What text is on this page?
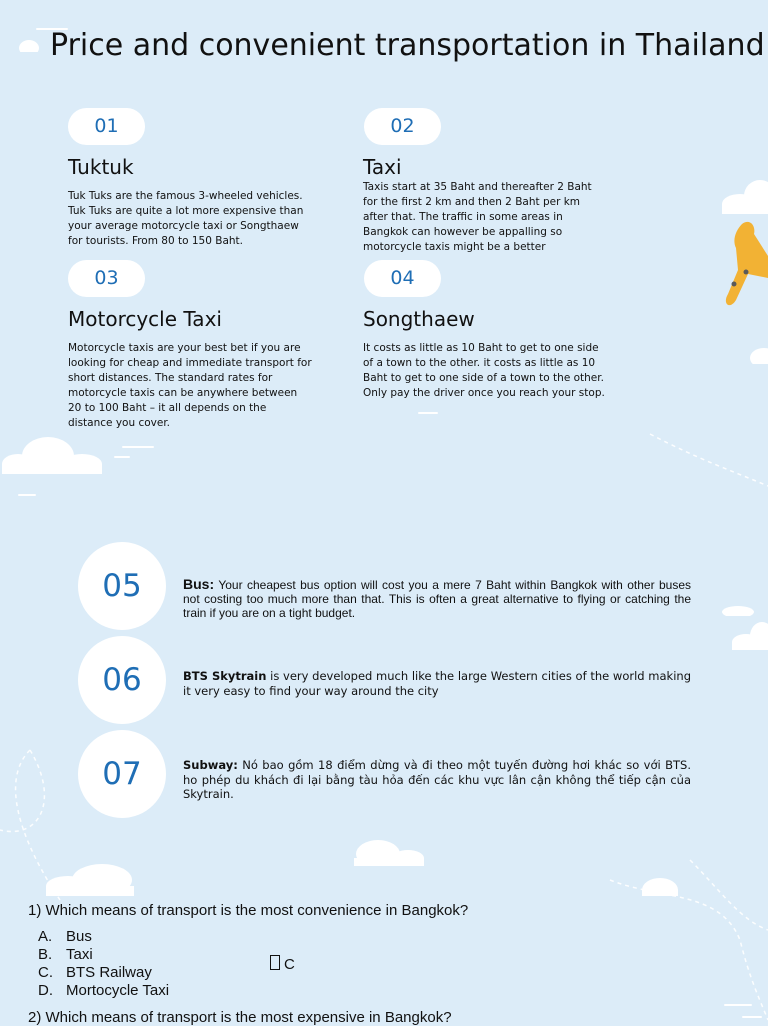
Price and convenient transportation in Thailand
01
Tuktuk

Tuk Tuks are the famous 3-wheeled vehicles. Tuk Tuks are quite a lot more expensive than your average motorcycle taxi or Songthaew for tourists. From 80 to 150 Baht.

02
Taxi

Taxis start at 35 Baht and thereafter 2 Baht for the first 2 km and then 2 Baht per km after that. The traffic in some areas in Bangkok can however be appalling so motorcycle taxis might be a better

03
Motorcycle Taxi

Motorcycle taxis are your best bet if you are looking for cheap and immediate transport for short distances. The standard rates for motorcycle taxis can be anywhere between 20 to 100 Baht – it all depends on the distance you cover.

04
Songthaew

It costs as little as 10 Baht to get to one side of a town to the other. it costs as little as 10 Baht to get to one side of a town to the other. Only pay the driver once you reach your stop.

05	Bus: Your cheapest bus option will cost you a mere 7 Baht within Bangkok with other buses not costing too much more than that. This is often a great alternative to flying or catching the train if you are on a tight budget.

06	BTS Skytrain is very developed much like the large Western cities of the world making it very easy to find your way around the city

07	Subway: Nó bao gồm 18 điểm dừng và đi theo một tuyến đường hơi khác so với BTS. ho phép du khách đi lại bằng tàu hỏa đến các khu vực lân cận không thể tiếp cận của Skytrain.

1) Which means of transport is the most convenience in Bangkok?

A. Bus
B. Taxi
C. BTS Railway
D. Mortocycle Taxi
C

2) Which means of transport is the most expensive in Bangkok?
